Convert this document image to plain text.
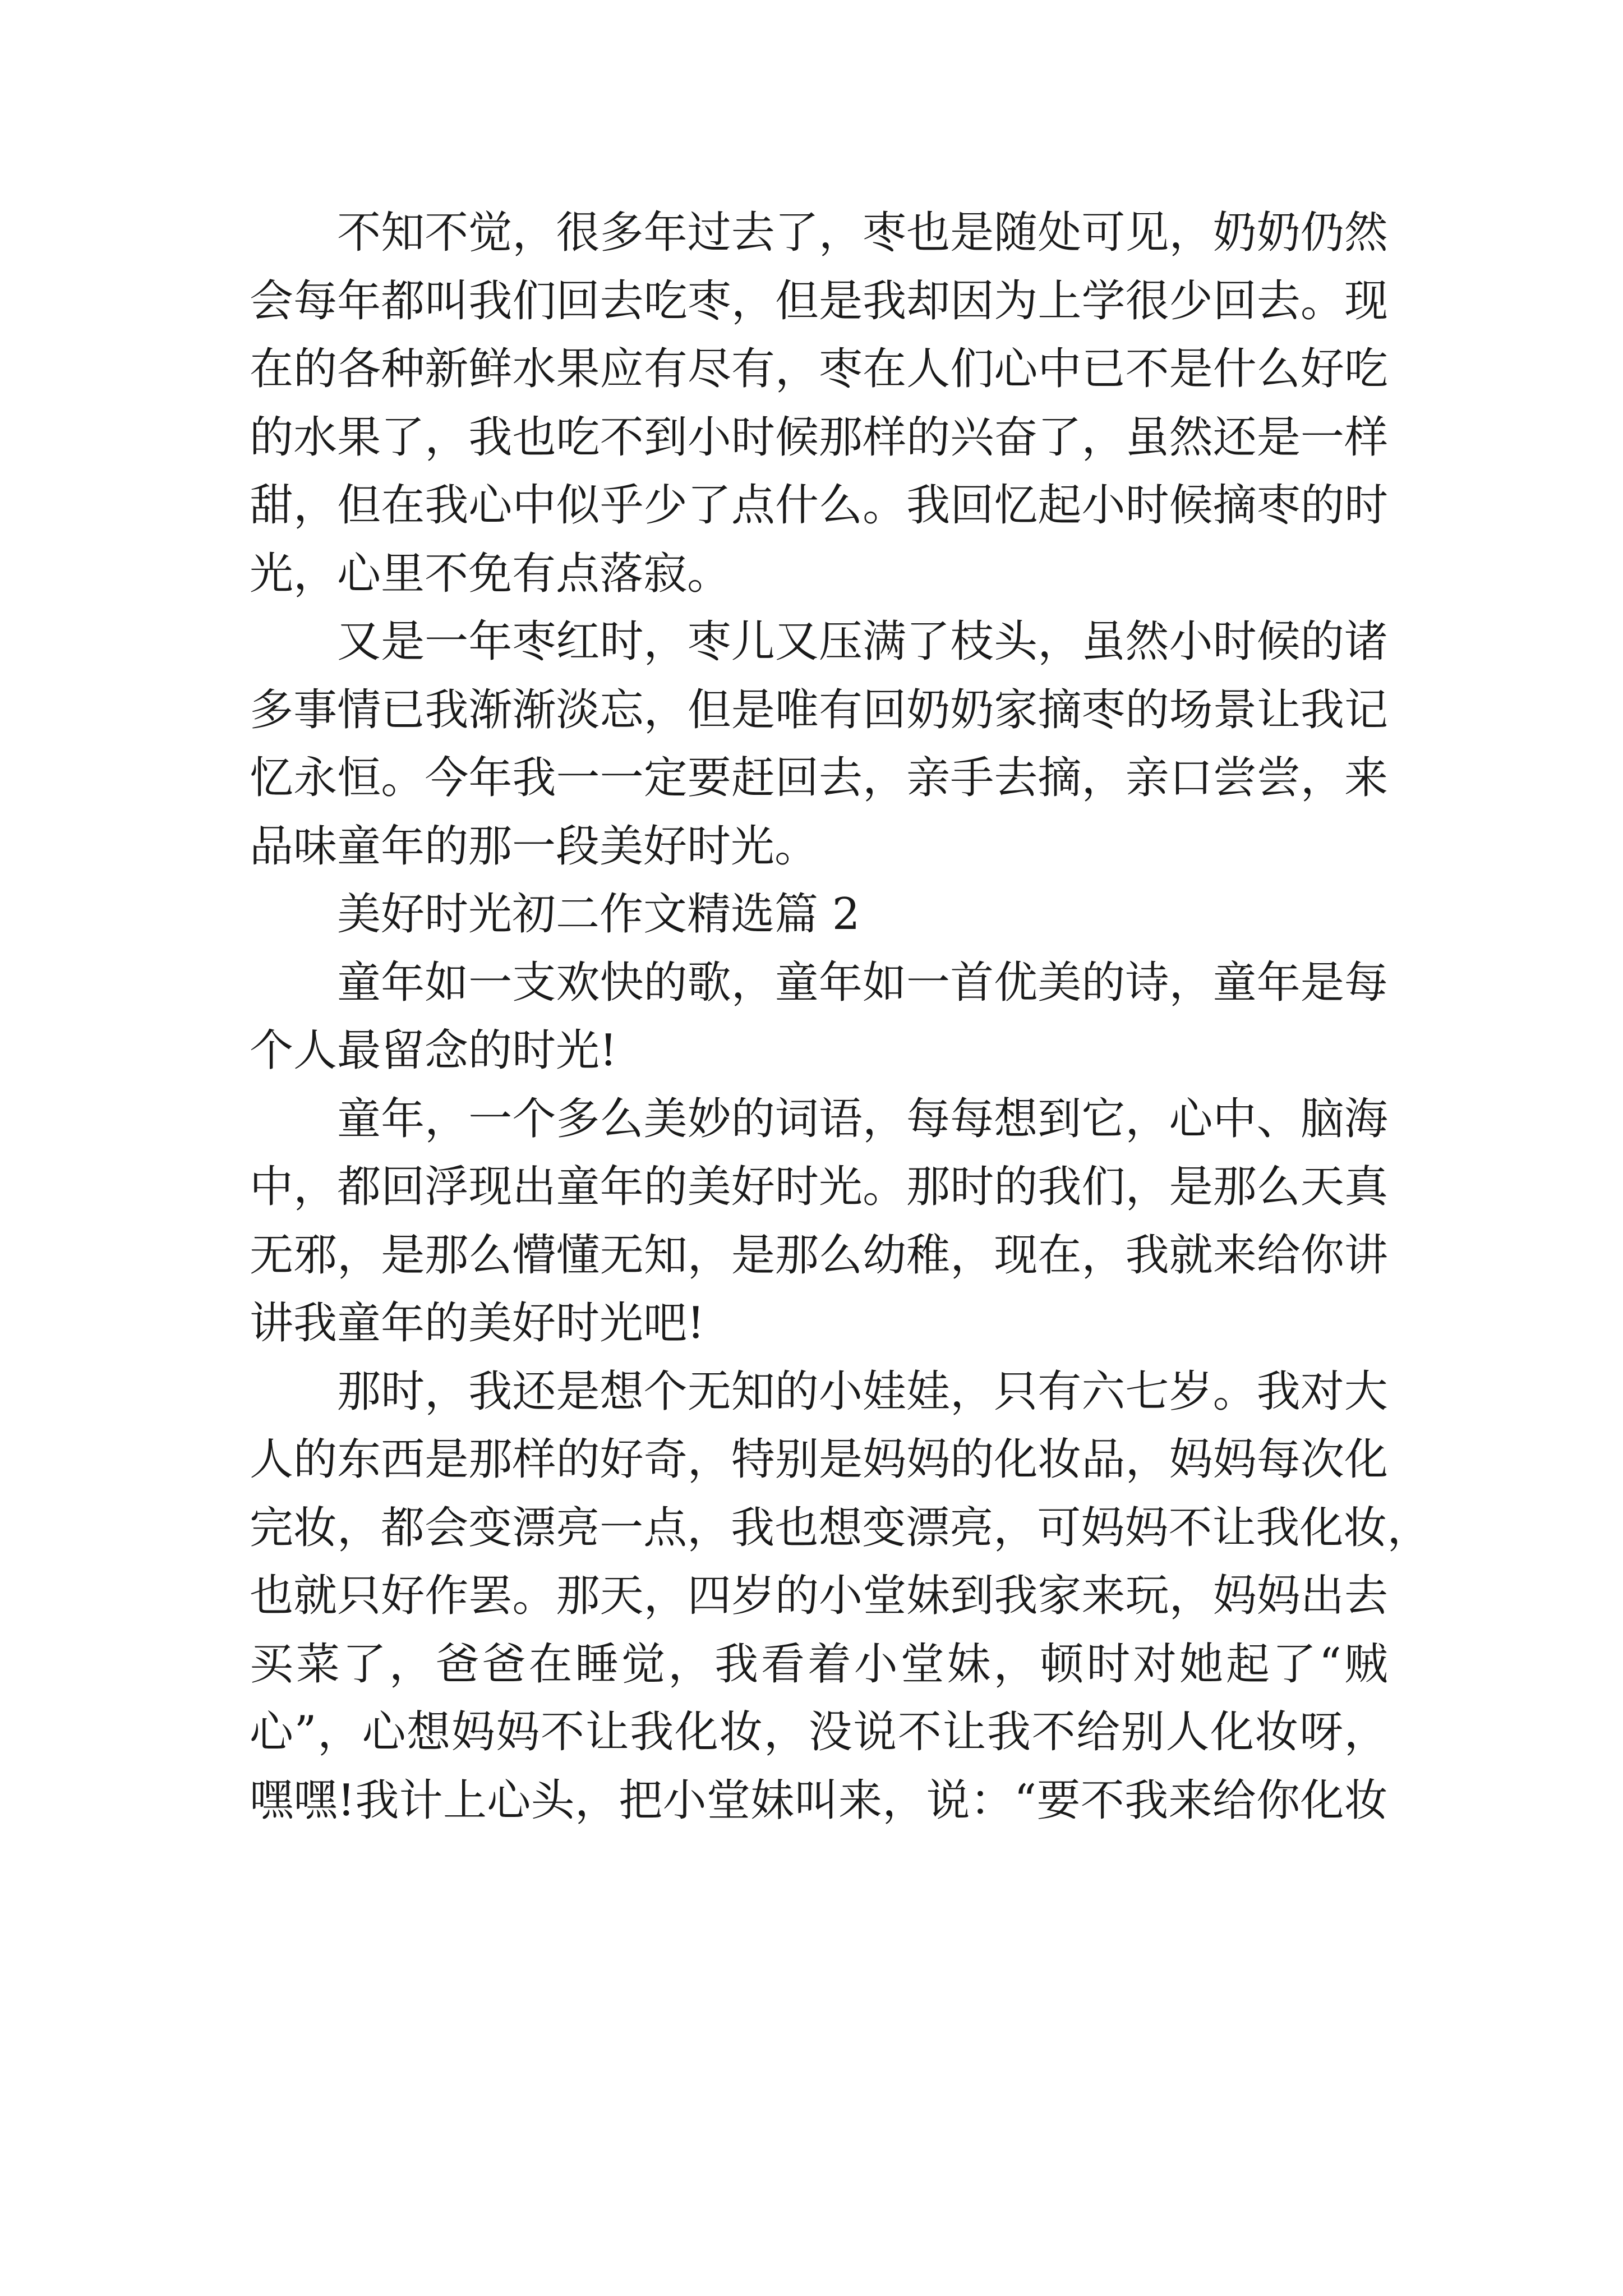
不 知 不 觉 ， 很 多 年 过 去 了 ， 枣 也 是 随 处 可 见 ， 奶 奶 仍 然
会 每 年 都 叫 我 们 回 去 吃 枣 ， 但 是 我 却 因 为 上 学 很 少 回 去 。 现
在 的 各 种 新 鲜 水 果 应 有 尽 有 ， 枣 在 人 们 心 中 已 不 是 什 么 好 吃
的 水 果 了 ， 我 也 吃 不 到 小 时 候 那 样 的 兴 奋 了 ， 虽 然 还 是 一 样
甜 ， 但 在 我 心 中 似 乎 少 了 点 什 么 。 我 回 忆 起 小 时 候 摘 枣 的 时
光，心里不免有点落寂。
又 是 一 年 枣 红 时 ， 枣 儿 又 压 满 了 枝 头 ， 虽 然 小 时 候 的 诸
多 事 情 已 我 渐 渐 淡 忘 ， 但 是 唯 有 回 奶 奶 家 摘 枣 的 场 景 让 我 记
忆 永 恒 。 今 年 我 一 一 定 要 赶 回 去 ， 亲 手 去 摘 ， 亲 口 尝 尝 ， 来
品味童年的那一段美好时光。
美好时光初二作文精选篇 2
童 年 如 一 支 欢 快 的 歌 ， 童 年 如 一 首 优 美 的 诗 ， 童 年 是 每
个人最留念的时光!
童 年 ， 一 个 多 么 美 妙 的 词 语 ， 每 每 想 到 它 ， 心 中 、 脑 海
中 ， 都 回 浮 现 出 童 年 的 美 好 时 光 。 那 时 的 我 们 ， 是 那 么 天 真
无 邪 ， 是 那 么 懵 懂 无 知 ， 是 那 么 幼 稚 ， 现 在 ， 我 就 来 给 你 讲
讲我童年的美好时光吧!
那 时 ， 我 还 是 想 个 无 知 的 小 娃 娃 ， 只 有 六 七 岁 。 我 对 大
人 的 东 西 是 那 样 的 好 奇 ， 特 别 是 妈 妈 的 化 妆 品 ， 妈 妈 每 次 化
完 妆 ， 都 会 变 漂 亮 一 点 ， 我 也 想 变 漂 亮 ， 可 妈 妈 不 让 我 化 妆 ，
也 就 只 好 作 罢 。 那 天 ， 四 岁 的 小 堂 妹 到 我 家 来 玩 ， 妈 妈 出 去
买 菜 了 ， 爸 爸 在 睡 觉 ， 我 看 着 小 堂 妹 ， 顿 时 对 她 起 了 “ 贼
心 ” ， 心 想 妈 妈 不 让 我 化 妆 ， 没 说 不 让 我 不 给 别 人 化 妆 呀 ，
嘿 嘿 ! 我 计 上 心 头 ， 把 小 堂 妹 叫 来 ， 说 ： “ 要 不 我 来 给 你 化 妆
